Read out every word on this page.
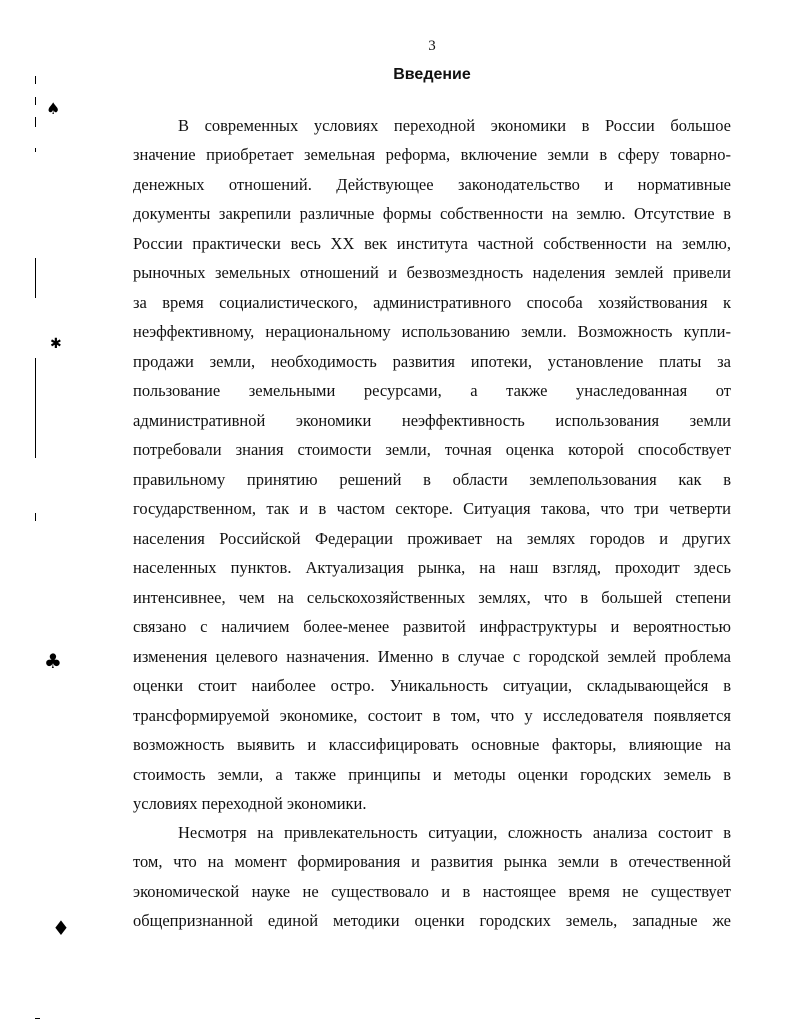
3
Введение
В современных условиях переходной экономики в России большое
значение приобретает земельная реформа, включение земли в сферу товарно-
денежных отношений. Действующее законодательство и нормативные
документы закрепили различные формы собственности на землю. Отсутствие в
России практически весь XX век института частной собственности на землю,
рыночных земельных отношений и безвозмездность наделения землей привели
за время социалистического, административного способа хозяйствования к
неэффективному, нерациональному использованию земли. Возможность купли-
продажи земли, необходимость развития ипотеки, установление платы за
пользование земельными ресурсами, а также унаследованная от
административной экономики неэффективность использования земли
потребовали знания стоимости земли, точная оценка которой способствует
правильному принятию решений в области землепользования как в
государственном, так и в частом секторе. Ситуация такова, что три четверти
населения Российской Федерации проживает на землях городов и других
населенных пунктов. Актуализация рынка, на наш взгляд, проходит здесь
интенсивнее, чем на сельскохозяйственных землях, что в большей степени
связано с наличием более-менее развитой инфраструктуры и вероятностью
изменения целевого назначения. Именно в случае с городской землей проблема
оценки стоит наиболее остро. Уникальность ситуации, складывающейся в
трансформируемой экономике, состоит в том, что у исследователя появляется
возможность выявить и классифицировать основные факторы, влияющие на
стоимость земли, а также принципы и методы оценки городских земель в
условиях переходной экономики.
Несмотря на привлекательность ситуации, сложность анализа состоит в
том, что на момент формирования и развития рынка земли в отечественной
экономической науке не существовало и в настоящее время не существует
общепризнанной единой методики оценки городских земель, западные же
♠
✱
♣
♦
